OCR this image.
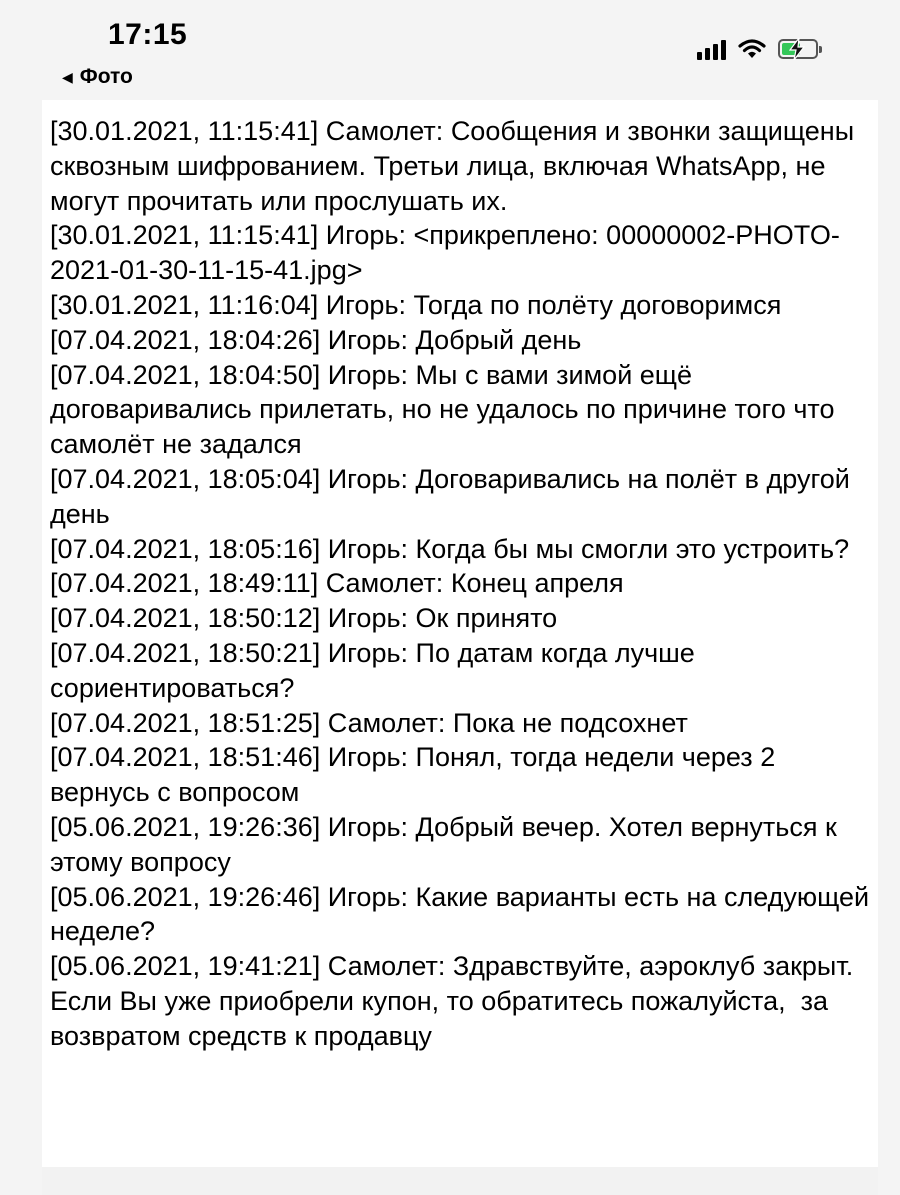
17:15
◀ Фото
[30.01.2021, 11:15:41] Самолет: Сообщения и звонки защищены сквозным шифрованием. Третьи лица, включая WhatsApp, не могут прочитать или прослушать их.
[30.01.2021, 11:15:41] Игорь: <прикреплено: 00000002-PHOTO-2021-01-30-11-15-41.jpg>
[30.01.2021, 11:16:04] Игорь: Тогда по полёту договоримся
[07.04.2021, 18:04:26] Игорь: Добрый день
[07.04.2021, 18:04:50] Игорь: Мы с вами зимой ещё договаривались прилетать, но не удалось по причине того что самолёт не задался
[07.04.2021, 18:05:04] Игорь: Договаривались на полёт в другой день
[07.04.2021, 18:05:16] Игорь: Когда бы мы смогли это устроить?
[07.04.2021, 18:49:11] Самолет: Конец апреля
[07.04.2021, 18:50:12] Игорь: Ок принято
[07.04.2021, 18:50:21] Игорь: По датам когда лучше сориентироваться?
[07.04.2021, 18:51:25] Самолет: Пока не подсохнет
[07.04.2021, 18:51:46] Игорь: Понял, тогда недели через 2 вернусь с вопросом
[05.06.2021, 19:26:36] Игорь: Добрый вечер. Хотел вернуться к этому вопросу
[05.06.2021, 19:26:46] Игорь: Какие варианты есть на следующей неделе?
[05.06.2021, 19:41:21] Самолет: Здравствуйте, аэроклуб закрыт. Если Вы уже приобрели купон, то обратитесь пожалуйста,  за возвратом средств к продавцу
